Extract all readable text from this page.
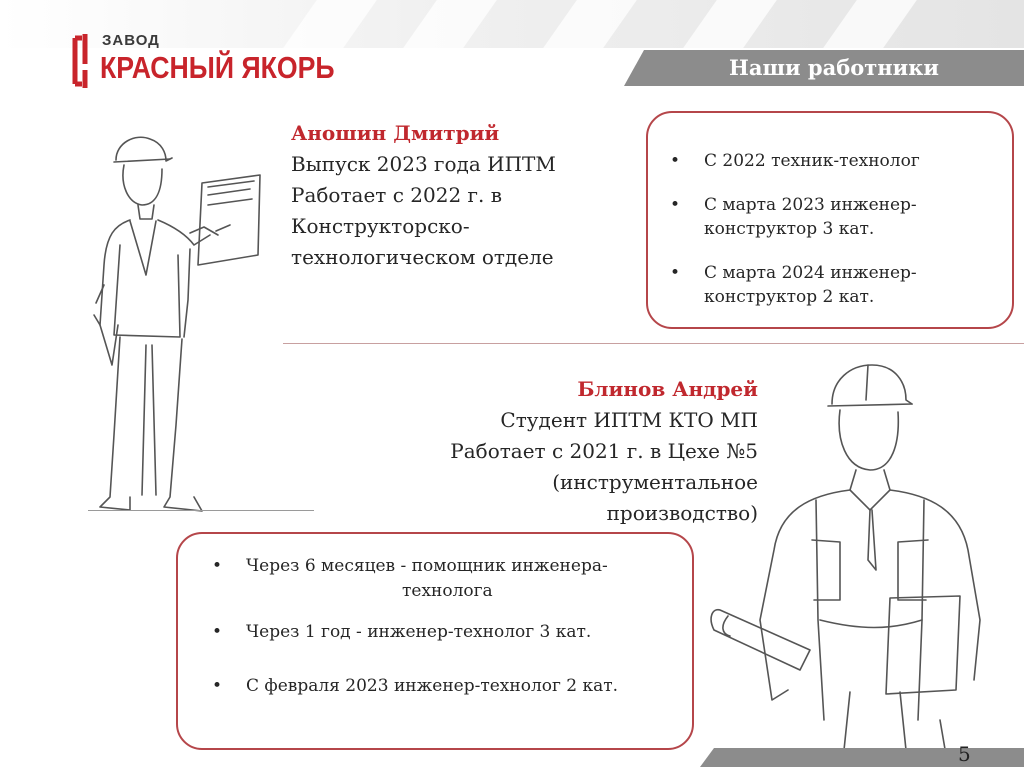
ЗАВОД
КРАСНЫЙ ЯКОРЬ	Наши работники
Аношин Дмитрий
Выпуск 2023 года ИПТМ
Работает с 2022 г. в
Конструкторско-
технологическом отделе
• С 2022 техник-технолог
• С марта 2023 инженер-
конструктор 3 кат.
• С марта 2024 инженер-
конструктор 2 кат.
Блинов Андрей
Студент ИПТМ КТО МП
Работает с 2021 г. в Цехе №5
(инструментальное
производство)
• Через 6 месяцев - помощник инженера-
технолога
• Через 1 год - инженер-технолог 3 кат.
• С февраля 2023 инженер-технолог 2 кат.
5
